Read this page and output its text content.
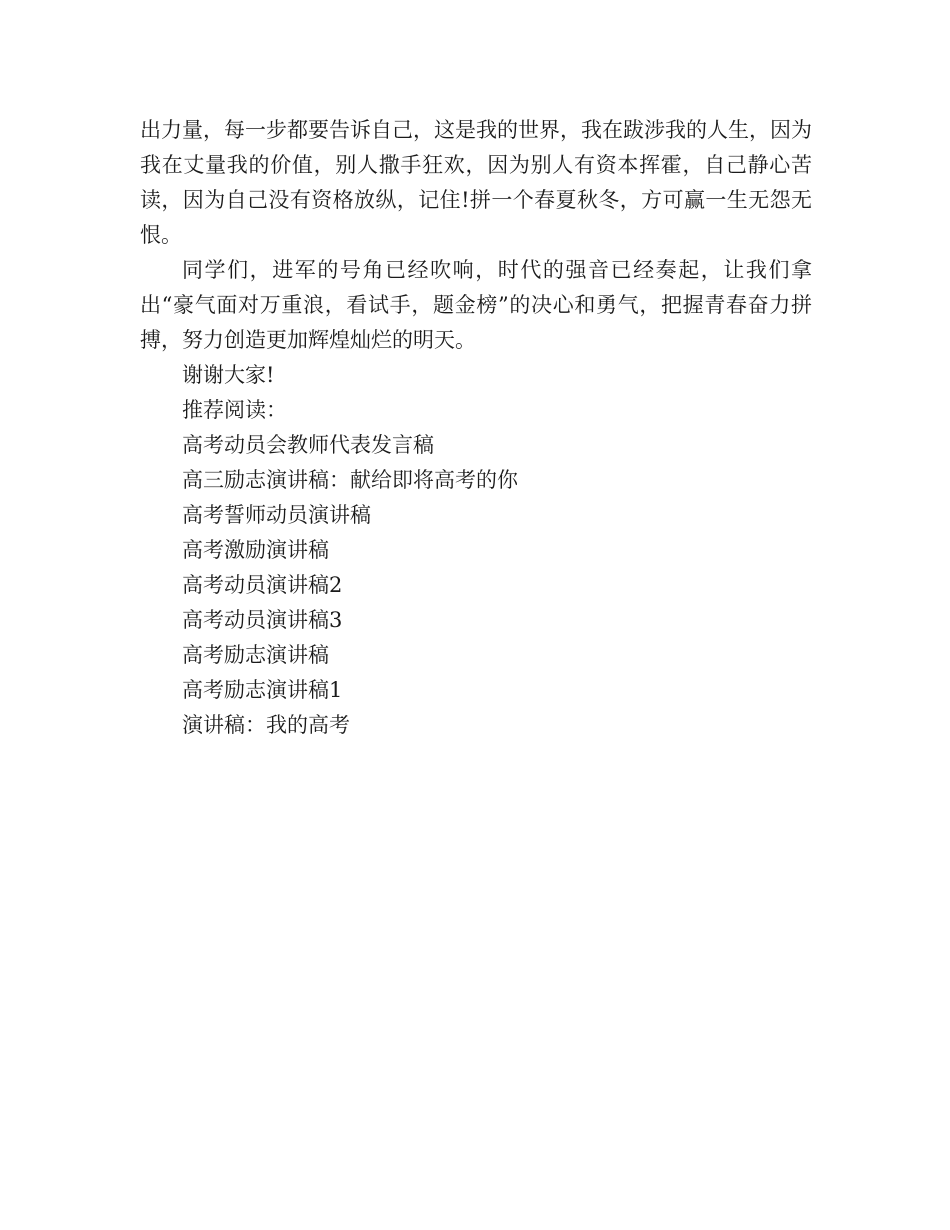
出力量，每一步都要告诉自己，这是我的世界，我在跋涉我的人生，因为我在丈量我的价值，别人撒手狂欢，因为别人有资本挥霍，自己静心苦读，因为自己没有资格放纵，记住!拼一个春夏秋冬，方可赢一生无怨无恨。

同学们，进军的号角已经吹响，时代的强音已经奏起，让我们拿出“豪气面对万重浪，看试手，题金榜”的决心和勇气，把握青春奋力拼搏，努力创造更加辉煌灿烂的明天。

谢谢大家!

推荐阅读：

高考动员会教师代表发言稿

高三励志演讲稿：献给即将高考的你

高考誓师动员演讲稿

高考激励演讲稿

高考动员演讲稿2

高考动员演讲稿3

高考励志演讲稿

高考励志演讲稿1

演讲稿：我的高考
